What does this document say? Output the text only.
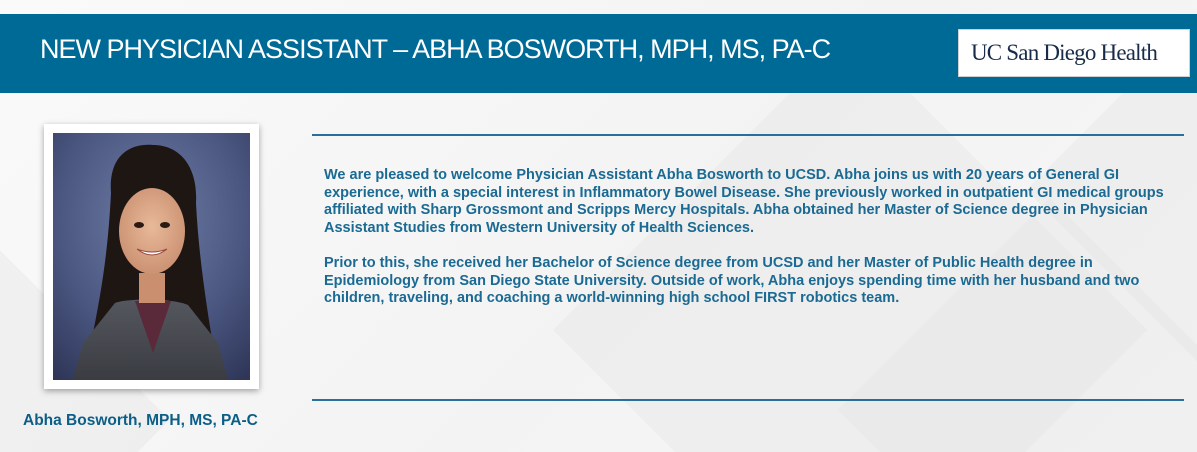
NEW PHYSICIAN ASSISTANT – ABHA BOSWORTH, MPH, MS, PA-C	UC San Diego Health
Abha Bosworth, MPH, MS, PA-C

We are pleased to welcome Physician Assistant Abha Bosworth to UCSD. Abha joins us with 20 years of General GI experience, with a special interest in Inflammatory Bowel Disease. She previously worked in outpatient GI medical groups affiliated with Sharp Grossmont and Scripps Mercy Hospitals. Abha obtained her Master of Science degree in Physician Assistant Studies from Western University of Health Sciences.

Prior to this, she received her Bachelor of Science degree from UCSD and her Master of Public Health degree in Epidemiology from San Diego State University. Outside of work, Abha enjoys spending time with her husband and two children, traveling, and coaching a world-winning high school FIRST robotics team.
